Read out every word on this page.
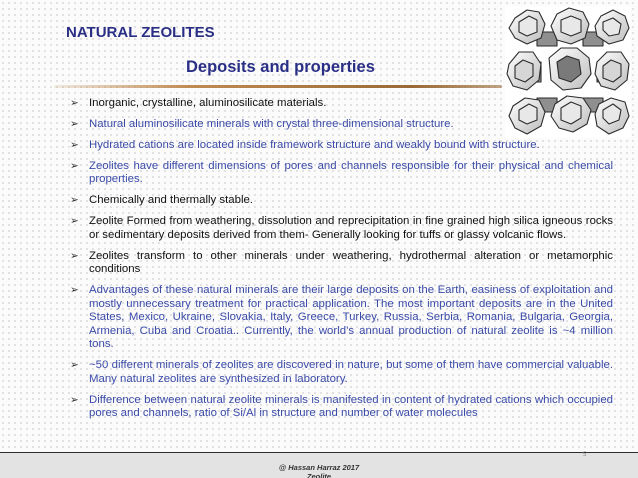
NATURAL ZEOLITES
Deposits and properties
➢ Inorganic, crystalline, aluminosilicate materials.
➢ Natural aluminosilicate minerals with crystal three-dimensional structure.
➢ Hydrated cations are located inside framework structure and weakly bound with structure.
➢ Zeolites have different dimensions of pores and channels responsible for their physical and chemical properties.
➢ Chemically and thermally stable.
➢ Zeolite Formed from weathering, dissolution and reprecipitation in fine grained high silica igneous rocks or sedimentary deposits derived from them- Generally looking for tuffs or glassy volcanic flows.
➢ Zeolites transform to other minerals under weathering, hydrothermal alteration or metamorphic conditions
➢ Advantages of these natural minerals are their large deposits on the Earth, easiness of exploitation and mostly unnecessary treatment for practical application. The most important deposits are in the United States, Mexico, Ukraine, Slovakia, Italy, Greece, Turkey, Russia, Serbia, Romania, Bulgaria, Georgia, Armenia, Cuba and Croatia.. Currently, the world’s annual production of natural zeolite is ~4 million tons.
➢ ~50 different minerals of zeolites are discovered in nature, but some of them have commercial valuable. Many natural zeolites are synthesized in laboratory.
➢ Difference between natural zeolite minerals is manifested in content of hydrated cations which occupied pores and channels, ratio of Si/Al in structure and number of water molecules
5
@ Hassan Harraz 2017
Zeolite
